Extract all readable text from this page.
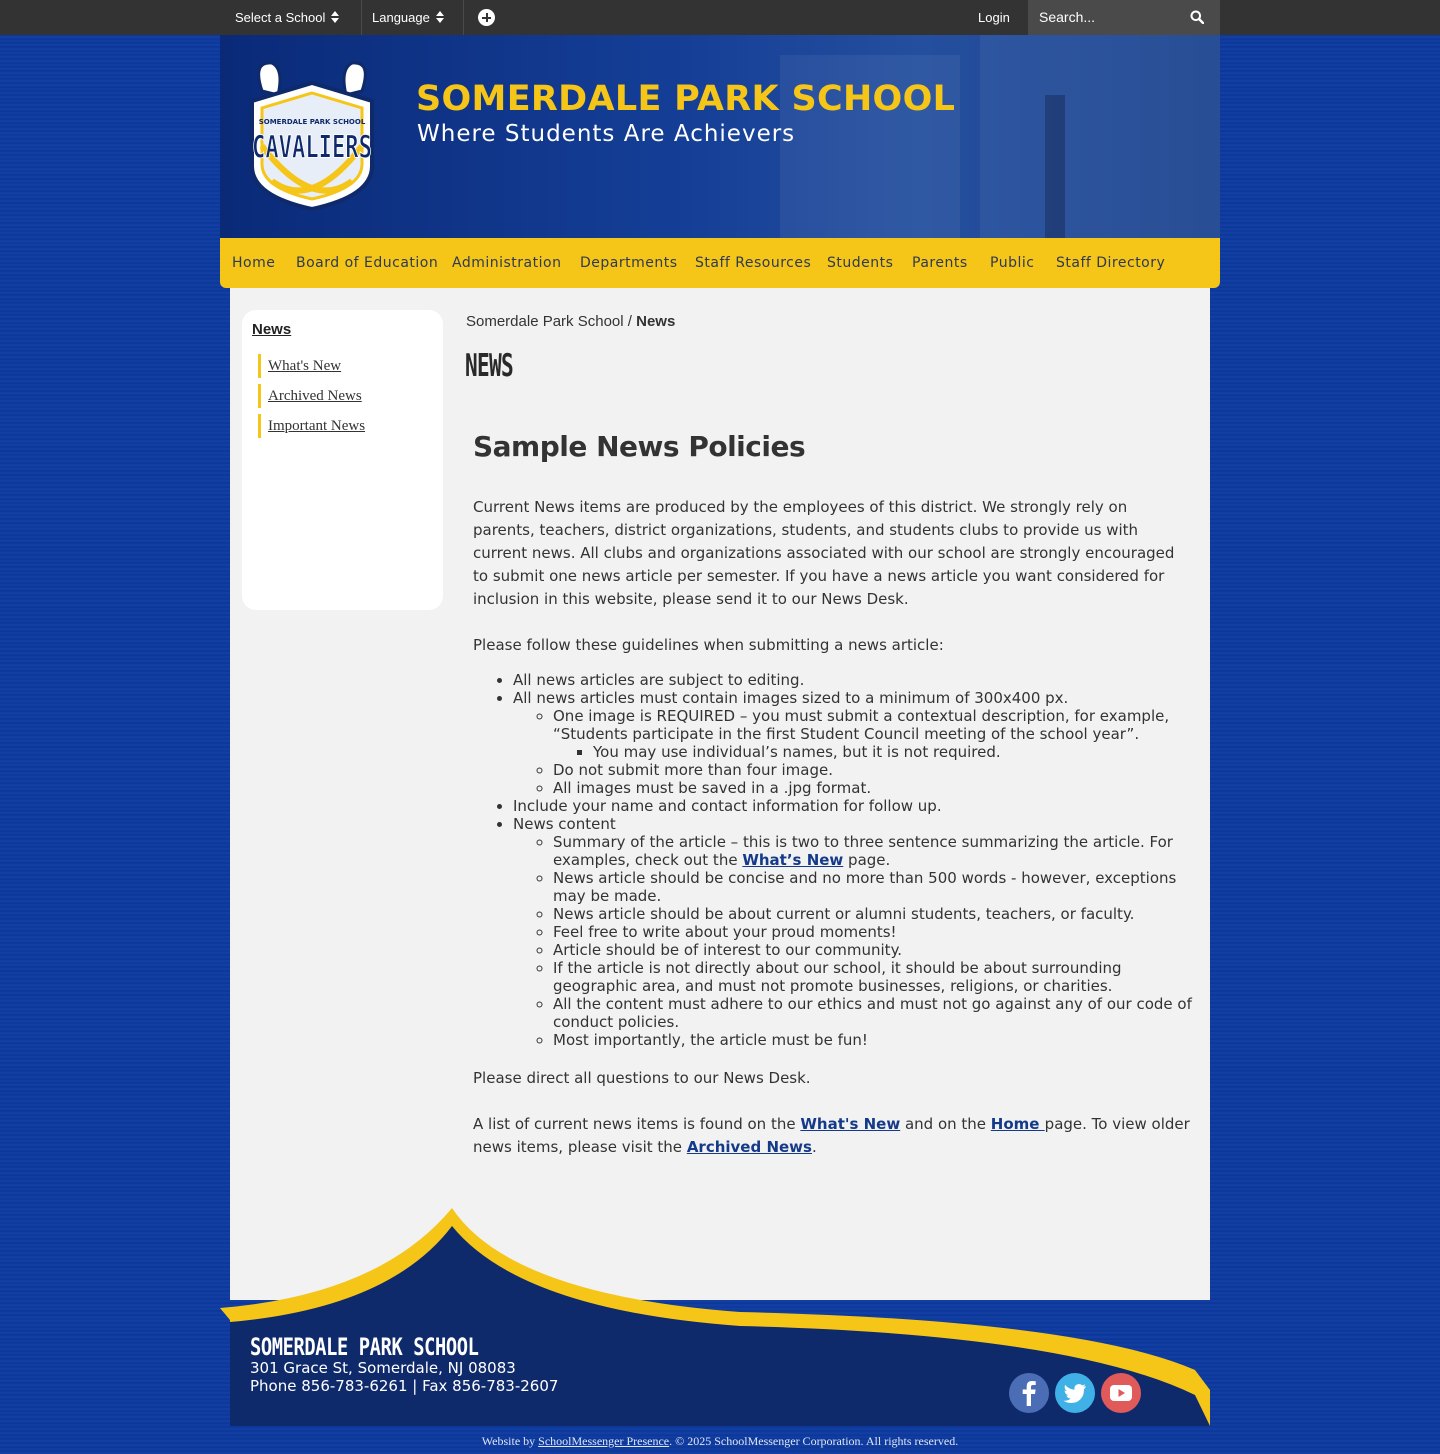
Select a School	Language	Login
Search...
SOMERDALE PARK SCHOOL
CAVALIERS
SOMERDALE PARK SCHOOL
Where Students Are Achievers
Home Board of Education Administration Departments Staff Resources Students Parents Public Staff Directory
News
What's New
Archived News
Important News
Somerdale Park School / News
NEWS
Sample News Policies

Current News items are produced by the employees of this district. We strongly rely on parents, teachers, district organizations, students, and students clubs to provide us with current news. All clubs and organizations associated with our school are strongly encouraged to submit one news article per semester. If you have a news article you want considered for inclusion in this website, please send it to our News Desk.

Please follow these guidelines when submitting a news article:

• All news articles are subject to editing.
• All news articles must contain images sized to a minimum of 300x400 px.
◦ One image is REQUIRED – you must submit a contextual description, for example, “Students participate in the first Student Council meeting of the school year”.
▪ You may use individual’s names, but it is not required.
◦ Do not submit more than four image.
◦ All images must be saved in a .jpg format.
• Include your name and contact information for follow up.
• News content
◦ Summary of the article – this is two to three sentence summarizing the article. For examples, check out the What’s New page.
◦ News article should be concise and no more than 500 words - however, exceptions may be made.
◦ News article should be about current or alumni students, teachers, or faculty.
◦ Feel free to write about your proud moments!
◦ Article should be of interest to our community.
◦ If the article is not directly about our school, it should be about surrounding geographic area, and must not promote businesses, religions, or charities.
◦ All the content must adhere to our ethics and must not go against any of our code of conduct policies.
◦ Most importantly, the article must be fun!

Please direct all questions to our News Desk.

A list of current news items is found on the What's New and on the Home page. To view older news items, please visit the Archived News.

SOMERDALE PARK SCHOOL
301 Grace St, Somerdale, NJ 08083
Phone 856-783-6261 | Fax 856-783-2607
Website by SchoolMessenger Presence. © 2025 SchoolMessenger Corporation. All rights reserved.
